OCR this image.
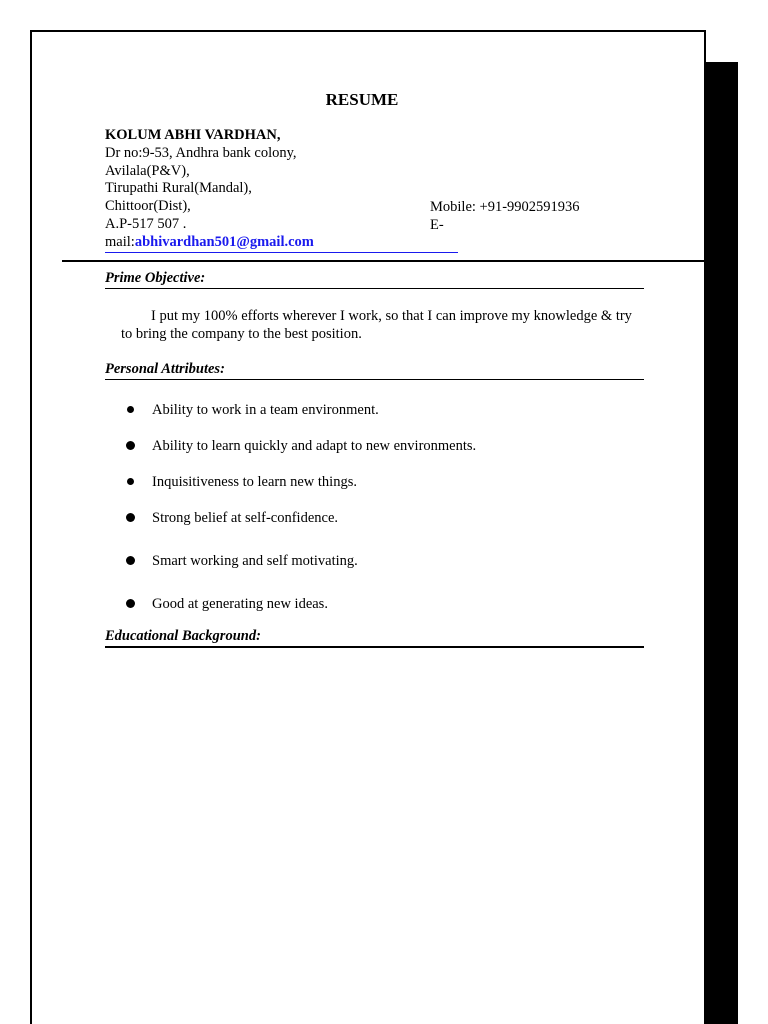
RESUME
KOLUM ABHI VARDHAN,
Dr no:9-53, Andhra bank colony,
Avilala(P&V),
Tirupathi Rural(Mandal),
Chittoor(Dist),
A.P-517 507 .
Mobile: +91-9902591936
E-
mail:abhivardhan501@gmail.com
Prime Objective:
I put my 100% efforts wherever I work, so that I can improve my knowledge & try to bring the company to the best position.
Personal Attributes:
Ability to work in a team environment.
Ability to learn quickly and adapt to new environments.
Inquisitiveness to learn new things.
Strong belief at self-confidence.
Smart working and self motivating.
Good at generating new ideas.
Educational Background:
